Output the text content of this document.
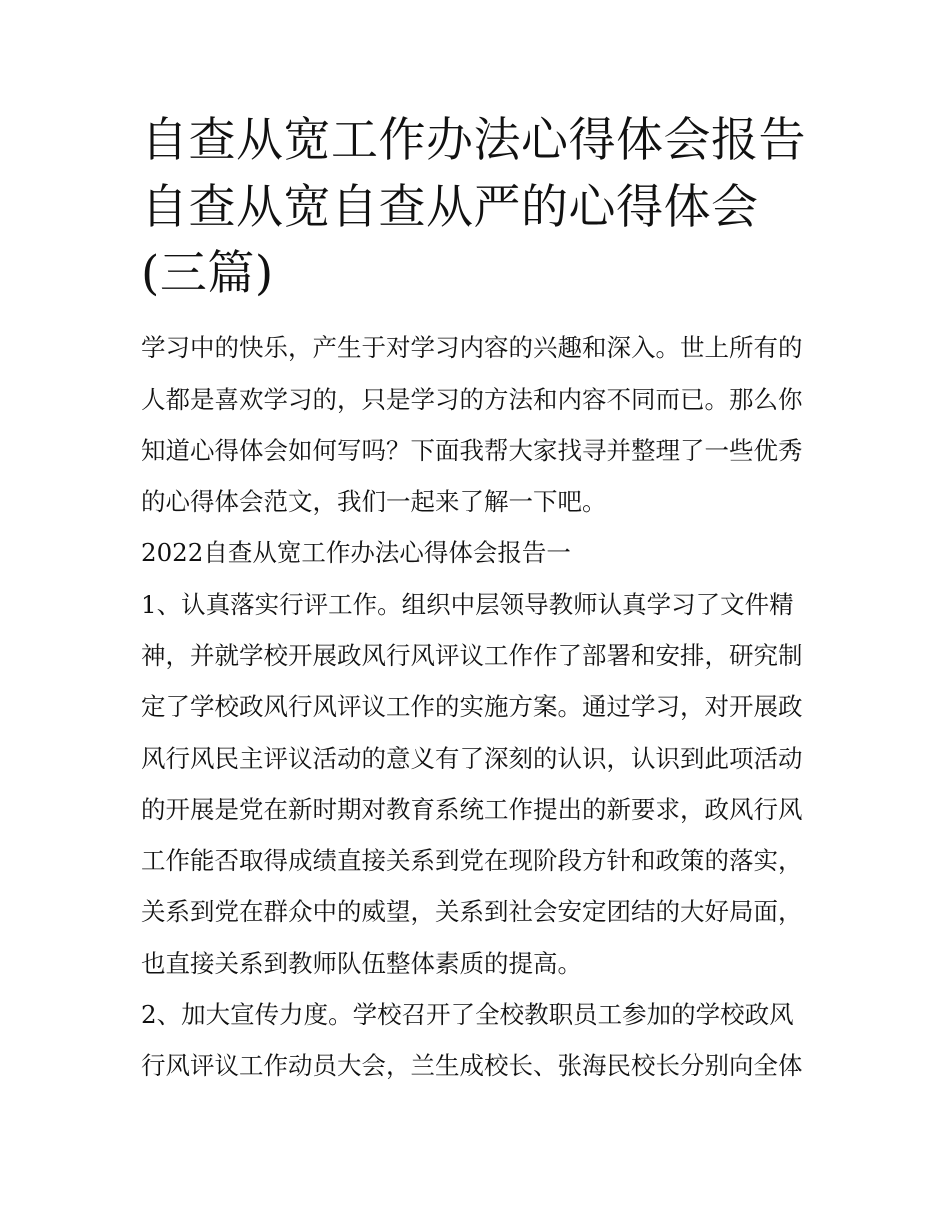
自查从宽工作办法心得体会报告 自查从宽自查从严的心得体会(三篇)

学习中的快乐，产生于对学习内容的兴趣和深入。世上所有的人都是喜欢学习的，只是学习的方法和内容不同而已。那么你知道心得体会如何写吗？下面我帮大家找寻并整理了一些优秀的心得体会范文，我们一起来了解一下吧。

2022自查从宽工作办法心得体会报告一

1、认真落实行评工作。组织中层领导教师认真学习了文件精神，并就学校开展政风行风评议工作作了部署和安排，研究制定了学校政风行风评议工作的实施方案。通过学习，对开展政风行风民主评议活动的意义有了深刻的认识，认识到此项活动的开展是党在新时期对教育系统工作提出的新要求，政风行风工作能否取得成绩直接关系到党在现阶段方针和政策的落实，关系到党在群众中的威望，关系到社会安定团结的大好局面，也直接关系到教师队伍整体素质的提高。

2、加大宣传力度。学校召开了全校教职员工参加的学校政风行风评议工作动员大会，兰生成校长、张海民校长分别向全体
